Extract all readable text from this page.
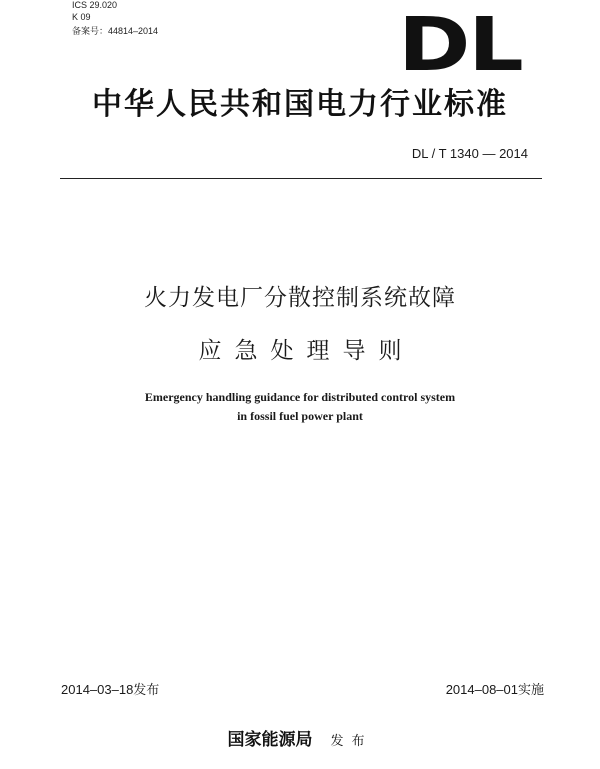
ICS 29.020
K 09
备案号：44814–2014	DL
中华人民共和国电力行业标准
DL / T 1340 — 2014
火力发电厂分散控制系统故障
应急处理导则
Emergency handling guidance for distributed control system
in fossil fuel power plant
2014–03–18发布	2014–08–01实施
国家能源局 发布
